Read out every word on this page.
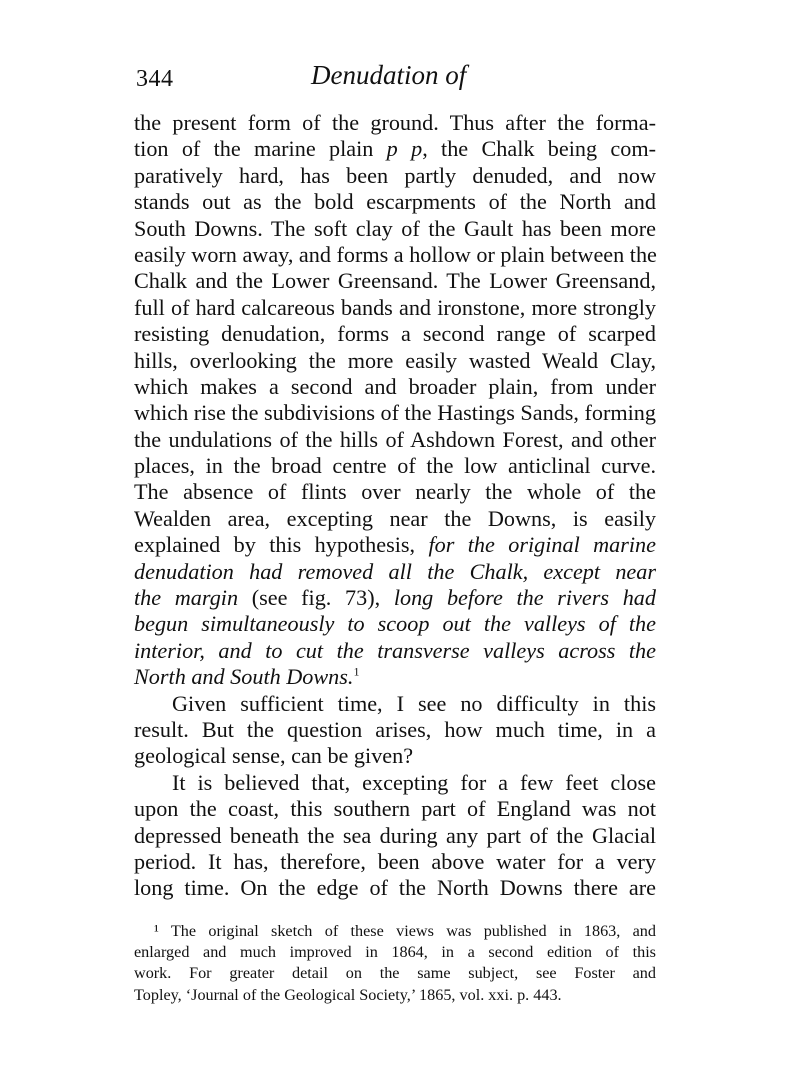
344	Denudation of
the present form of the ground. Thus after the forma-
tion of the marine plain p p, the Chalk being com-
paratively hard, has been partly denuded, and now
stands out as the bold escarpments of the North and
South Downs. The soft clay of the Gault has been more
easily worn away, and forms a hollow or plain between the
Chalk and the Lower Greensand. The Lower Greensand,
full of hard calcareous bands and ironstone, more strongly
resisting denudation, forms a second range of scarped
hills, overlooking the more easily wasted Weald Clay,
which makes a second and broader plain, from under
which rise the subdivisions of the Hastings Sands, forming
the undulations of the hills of Ashdown Forest, and other
places, in the broad centre of the low anticlinal curve.
The absence of flints over nearly the whole of the
Wealden area, excepting near the Downs, is easily
explained by this hypothesis, for the original marine
denudation had removed all the Chalk, except near
the margin (see fig. 73), long before the rivers had
begun simultaneously to scoop out the valleys of the
interior, and to cut the transverse valleys across the
North and South Downs.$^1$
Given sufficient time, I see no difficulty in this
result. But the question arises, how much time, in a
geological sense, can be given?
It is believed that, excepting for a few feet close
upon the coast, this southern part of England was not
depressed beneath the sea during any part of the Glacial
period. It has, therefore, been above water for a very
long time. On the edge of the North Downs there are
¹ The original sketch of these views was published in 1863, and
enlarged and much improved in 1864, in a second edition of this
work. For greater detail on the same subject, see Foster and
Topley, ‘Journal of the Geological Society,’ 1865, vol. xxi. p. 443.
